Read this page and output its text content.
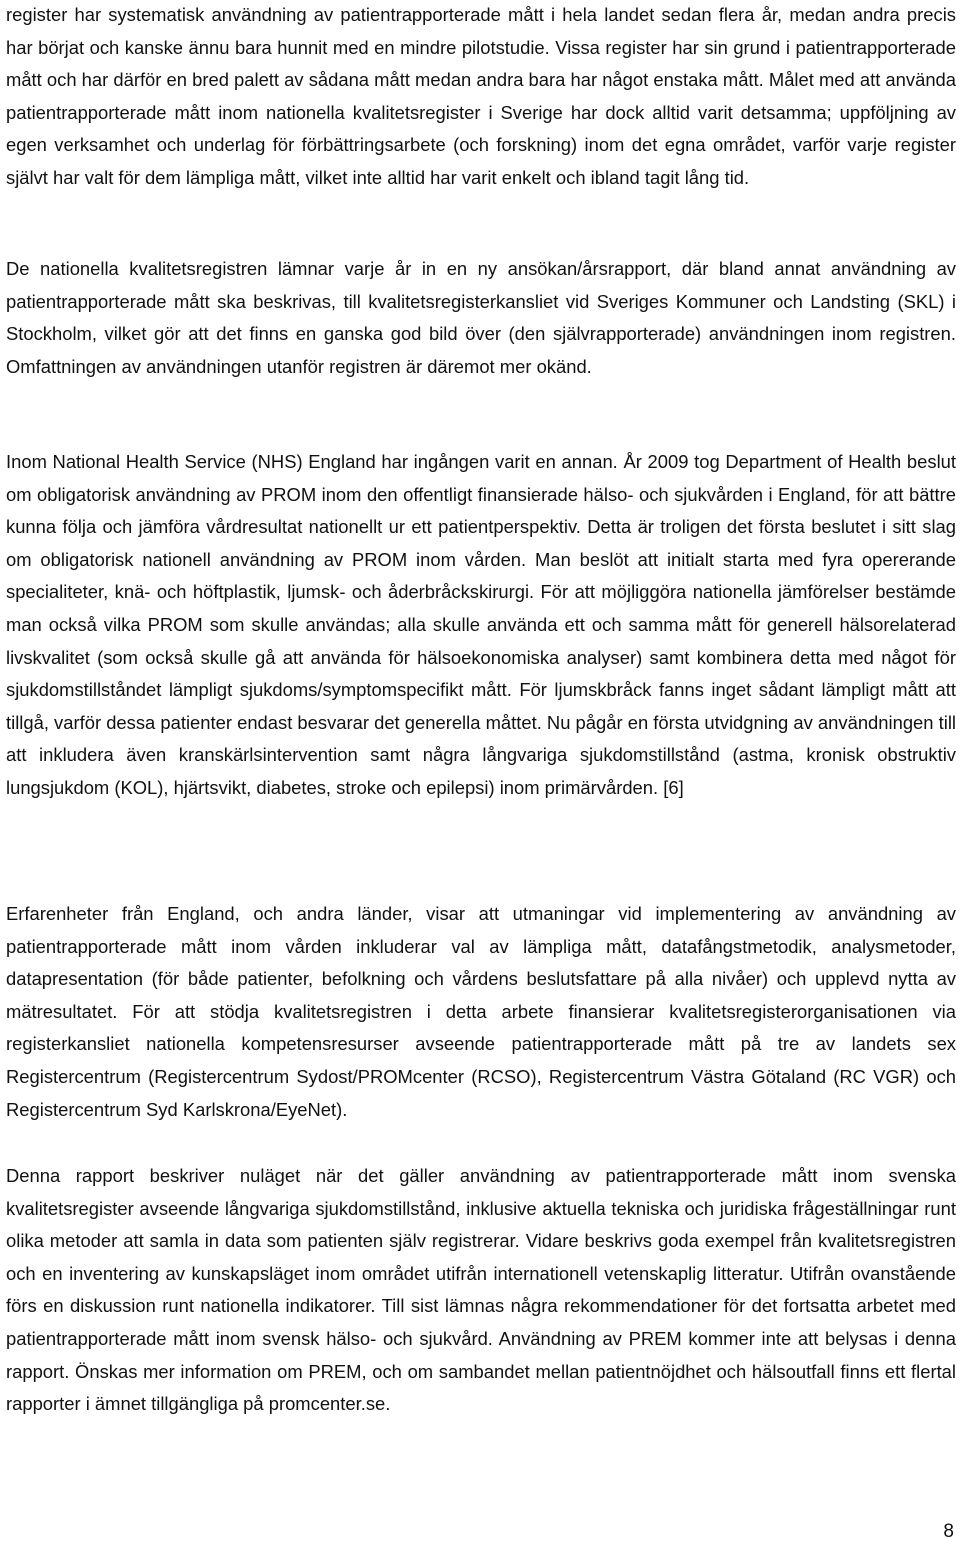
register har systematisk användning av patientrapporterade mått i hela landet sedan flera år, medan andra precis har börjat och kanske ännu bara hunnit med en mindre pilotstudie. Vissa register har sin grund i patientrapporterade mått och har därför en bred palett av sådana mått medan andra bara har något enstaka mått. Målet med att använda patientrapporterade mått inom nationella kvalitetsregister i Sverige har dock alltid varit detsamma; uppföljning av egen verksamhet och underlag för förbättringsarbete (och forskning) inom det egna området, varför varje register självt har valt för dem lämpliga mått, vilket inte alltid har varit enkelt och ibland tagit lång tid.

De nationella kvalitetsregistren lämnar varje år in en ny ansökan/årsrapport, där bland annat användning av patientrapporterade mått ska beskrivas, till kvalitetsregisterkansliet vid Sveriges Kommuner och Landsting (SKL) i Stockholm, vilket gör att det finns en ganska god bild över (den självrapporterade) användningen inom registren. Omfattningen av användningen utanför registren är däremot mer okänd.

Inom National Health Service (NHS) England har ingången varit en annan. År 2009 tog Department of Health beslut om obligatorisk användning av PROM inom den offentligt finansierade hälso- och sjukvården i England, för att bättre kunna följa och jämföra vårdresultat nationellt ur ett patientperspektiv. Detta är troligen det första beslutet i sitt slag om obligatorisk nationell användning av PROM inom vården. Man beslöt att initialt starta med fyra opererande specialiteter, knä- och höftplastik, ljumsk- och åderbråckskirurgi. För att möjliggöra nationella jämförelser bestämde man också vilka PROM som skulle användas; alla skulle använda ett och samma mått för generell hälsorelaterad livskvalitet (som också skulle gå att använda för hälsoekonomiska analyser) samt kombinera detta med något för sjukdomstillståndet lämpligt sjukdoms/symptomspecifikt mått. För ljumskbråck fanns inget sådant lämpligt mått att tillgå, varför dessa patienter endast besvarar det generella måttet. Nu pågår en första utvidgning av användningen till att inkludera även kranskärlsintervention samt några långvariga sjukdomstillstånd (astma, kronisk obstruktiv lungsjukdom (KOL), hjärtsvikt, diabetes, stroke och epilepsi) inom primärvården. [6]

Erfarenheter från England, och andra länder, visar att utmaningar vid implementering av användning av patientrapporterade mått inom vården inkluderar val av lämpliga mått, datafångstmetodik, analysmetoder, datapresentation (för både patienter, befolkning och vårdens beslutsfattare på alla nivåer) och upplevd nytta av mätresultatet. För att stödja kvalitetsregistren i detta arbete finansierar kvalitetsregisterorganisationen via registerkansliet nationella kompetensresurser avseende patientrapporterade mått på tre av landets sex Registercentrum (Registercentrum Sydost/PROMcenter (RCSO), Registercentrum Västra Götaland (RC VGR) och Registercentrum Syd Karlskrona/EyeNet).

Denna rapport beskriver nuläget när det gäller användning av patientrapporterade mått inom svenska kvalitetsregister avseende långvariga sjukdomstillstånd, inklusive aktuella tekniska och juridiska frågeställningar runt olika metoder att samla in data som patienten själv registrerar. Vidare beskrivs goda exempel från kvalitetsregistren och en inventering av kunskapsläget inom området utifrån internationell vetenskaplig litteratur. Utifrån ovanstående förs en diskussion runt nationella indikatorer. Till sist lämnas några rekommendationer för det fortsatta arbetet med patientrapporterade mått inom svensk hälso- och sjukvård. Användning av PREM kommer inte att belysas i denna rapport. Önskas mer information om PREM, och om sambandet mellan patientnöjdhet och hälsoutfall finns ett flertal rapporter i ämnet tillgängliga på promcenter.se.

8
